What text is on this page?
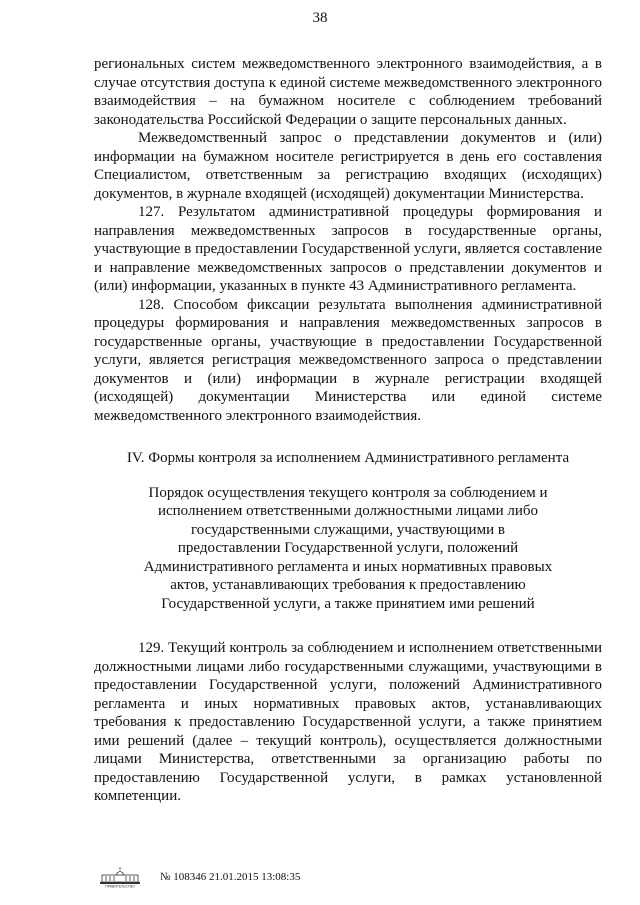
38

региональных систем межведомственного электронного взаимодействия, а в случае отсутствия доступа к единой системе межведомственного электронного взаимодействия – на бумажном носителе с соблюдением требований законодательства Российской Федерации о защите персональных данных.

Межведомственный запрос о представлении документов и (или) информации на бумажном носителе регистрируется в день его составления Специалистом, ответственным за регистрацию входящих (исходящих) документов, в журнале входящей (исходящей) документации Министерства.

127. Результатом административной процедуры формирования и направления межведомственных запросов в государственные органы, участвующие в предоставлении Государственной услуги, является составление и направление межведомственных запросов о представлении документов и (или) информации, указанных в пункте 43 Административного регламента.

128. Способом фиксации результата выполнения административной процедуры формирования и направления межведомственных запросов в государственные органы, участвующие в предоставлении Государственной услуги, является регистрация межведомственного запроса о представлении документов и (или) информации в журнале регистрации входящей (исходящей) документации Министерства или единой системе межведомственного электронного взаимодействия.

IV. Формы контроля за исполнением Административного регламента

Порядок осуществления текущего контроля за соблюдением и исполнением ответственными должностными лицами либо государственными служащими, участвующими в предоставлении Государственной услуги, положений Административного регламента и иных нормативных правовых актов, устанавливающих требования к предоставлению Государственной услуги, а также принятием ими решений

129. Текущий контроль за соблюдением и исполнением ответственными должностными лицами либо государственными служащими, участвующими в предоставлении Государственной услуги, положений Административного регламента и иных нормативных правовых актов, устанавливающих требования к предоставлению Государственной услуги, а также принятием ими решений (далее – текущий контроль), осуществляется должностными лицами Министерства, ответственными за организацию работы по предоставлению Государственной услуги, в рамках установленной компетенции.

ПРАВИТЕЛЬСТВО
№ 108346 21.01.2015 13:08:35
